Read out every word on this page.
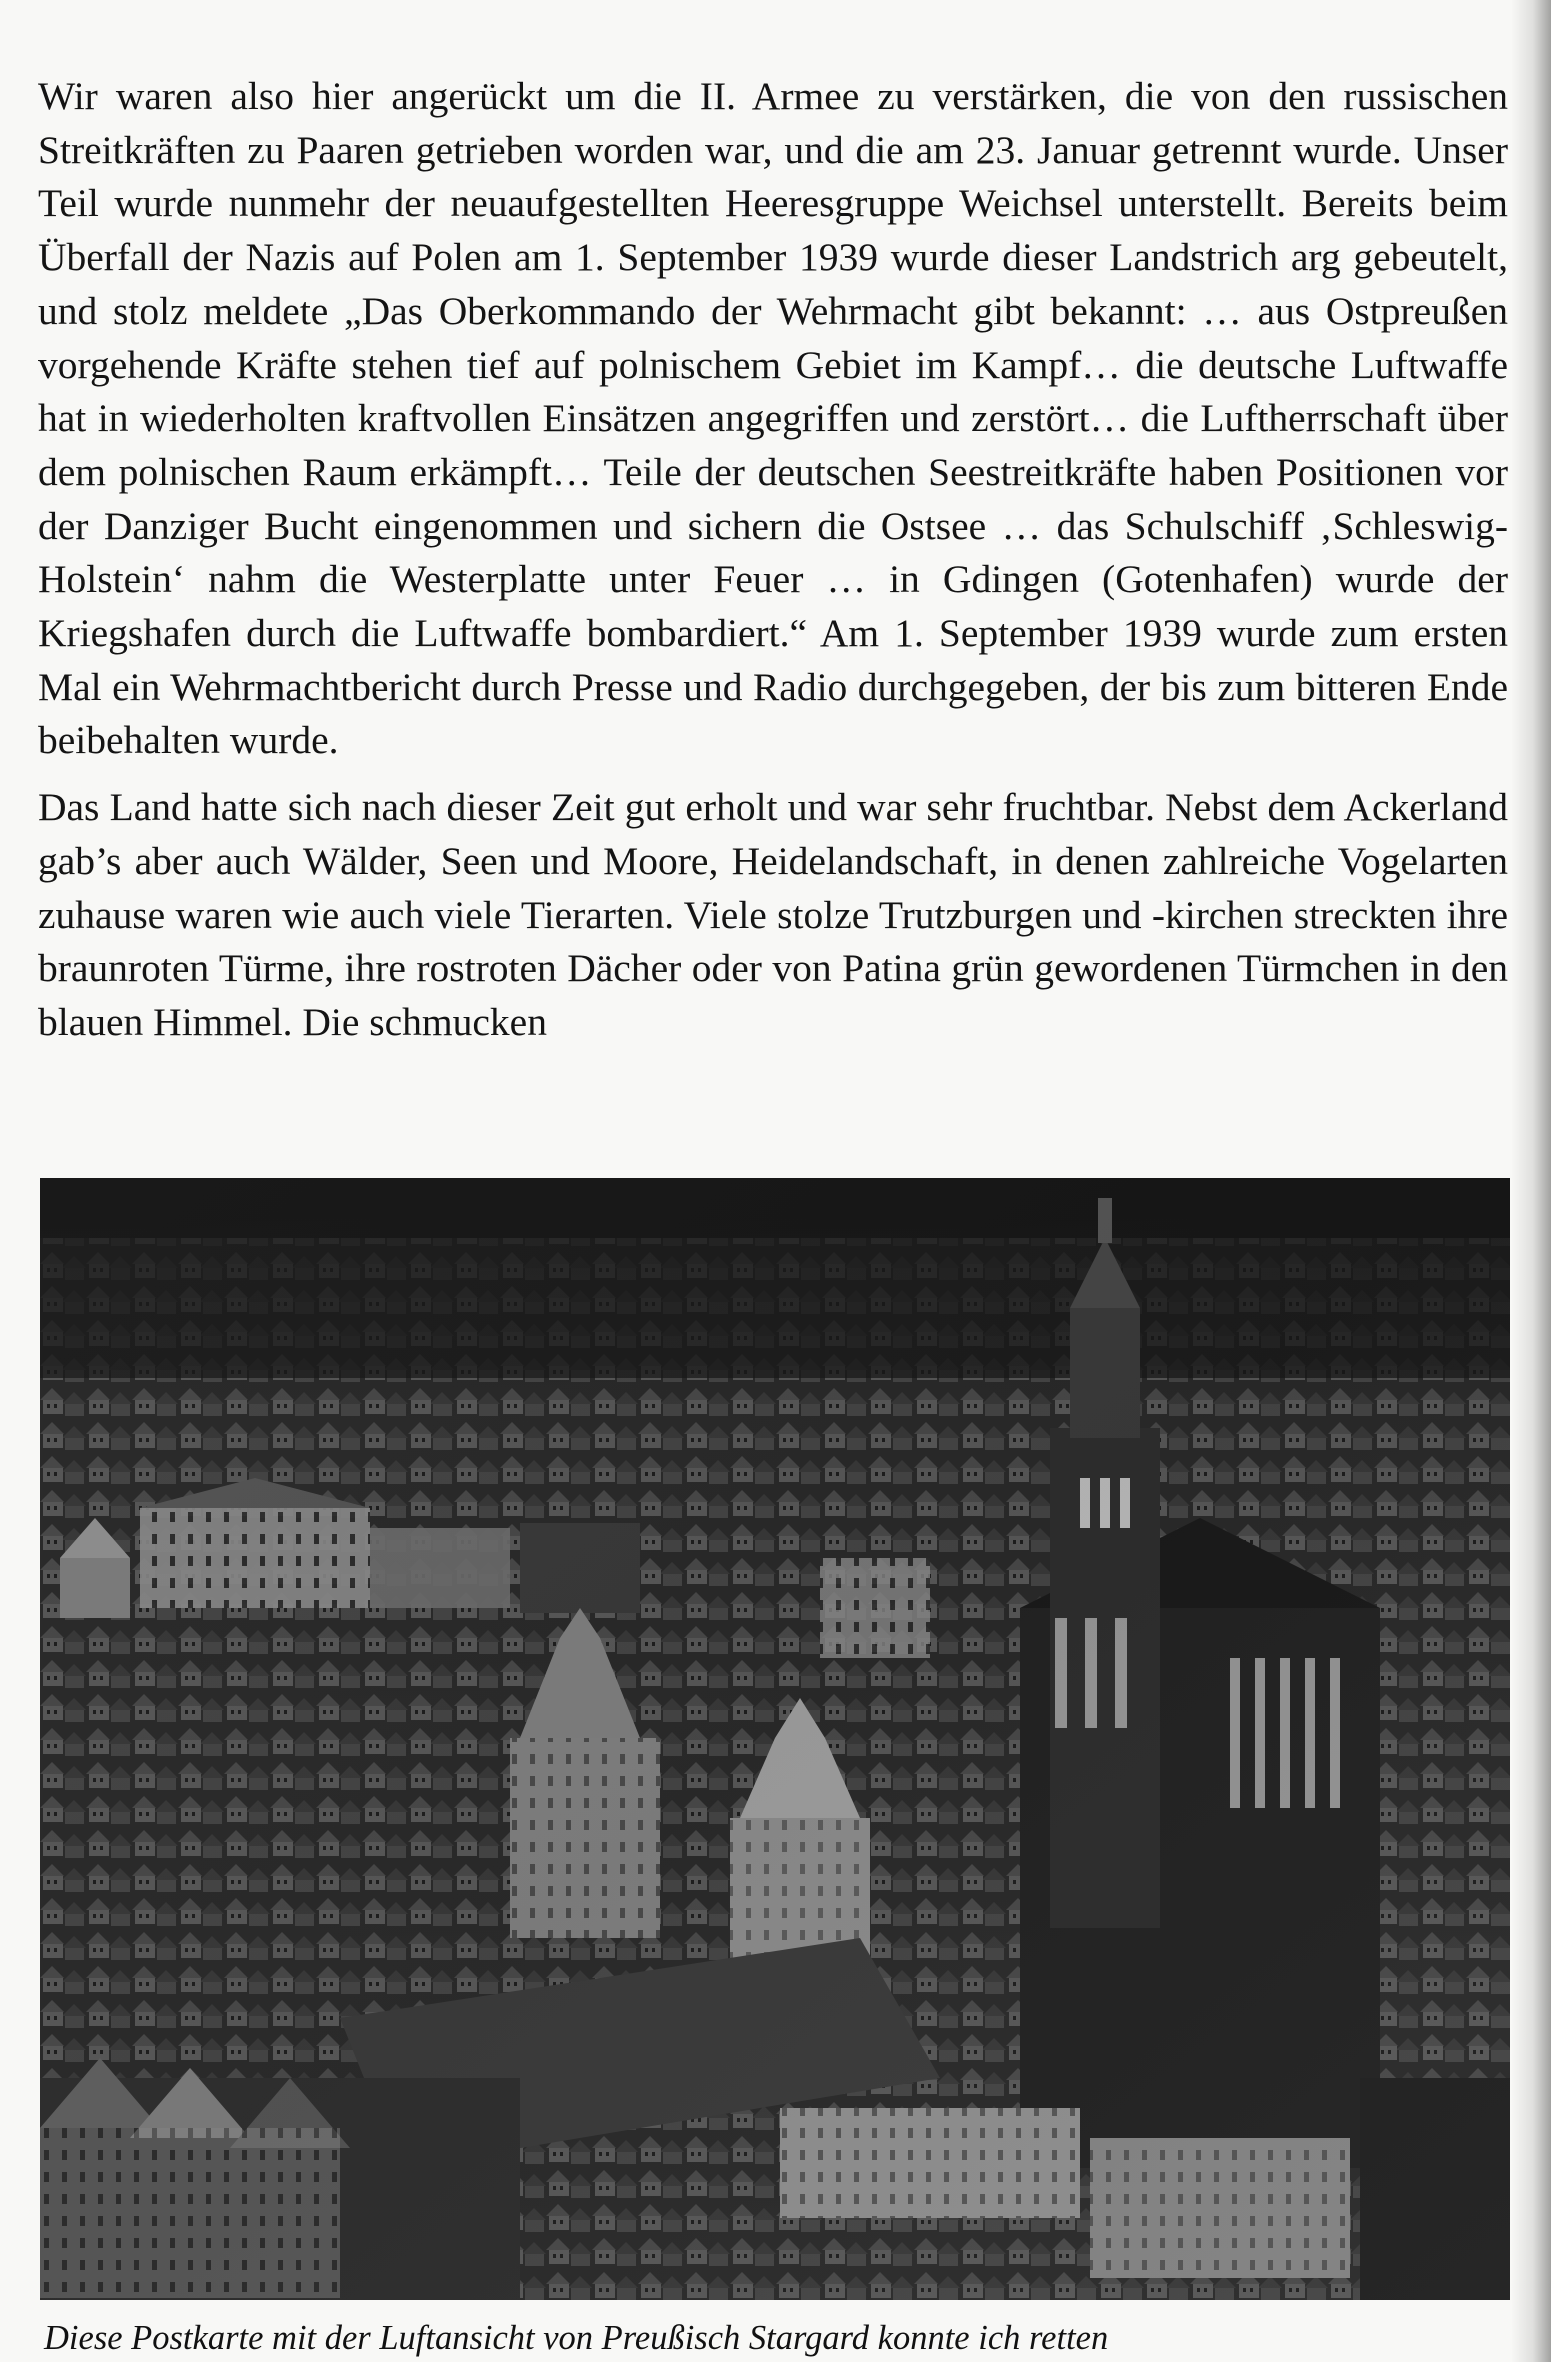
Wir waren also hier angerückt um die II. Armee zu verstärken, die von den russischen Streitkräften zu Paaren getrieben worden war, und die am 23. Januar getrennt wurde. Unser Teil wurde nunmehr der neuaufgestellten Heeresgruppe Weichsel unterstellt. Bereits beim Überfall der Nazis auf Polen am 1. September 1939 wurde dieser Landstrich arg gebeutelt, und stolz meldete „Das Oberkommando der Wehrmacht gibt bekannt: … aus Ostpreußen vorgehende Kräfte stehen tief auf polnischem Gebiet im Kampf… die deutsche Luftwaffe hat in wiederholten kraftvollen Einsätzen angegriffen und zerstört… die Luftherrschaft über dem polnischen Raum erkämpft… Teile der deutschen Seestreitkräfte haben Positionen vor der Danziger Bucht eingenommen und sichern die Ostsee … das Schulschiff ‚Schleswig-Holstein‘ nahm die Westerplatte unter Feuer … in Gdingen (Gotenhafen) wurde der Kriegshafen durch die Luftwaffe bombardiert.“ Am 1. September 1939 wurde zum ersten Mal ein Wehrmachtbericht durch Presse und Radio durchgegeben, der bis zum bitteren Ende beibehalten wurde.

Das Land hatte sich nach dieser Zeit gut erholt und war sehr fruchtbar. Nebst dem Ackerland gab’s aber auch Wälder, Seen und Moore, Heidelandschaft, in denen zahlreiche Vogelarten zuhause waren wie auch viele Tierarten. Viele stolze Trutzburgen und -kirchen streckten ihre braunroten Türme, ihre rostroten Dächer oder von Patina grün gewordenen Türmchen in den blauen Himmel. Die schmucken

Diese Postkarte mit der Luftansicht von Preußisch Stargard konnte ich retten
